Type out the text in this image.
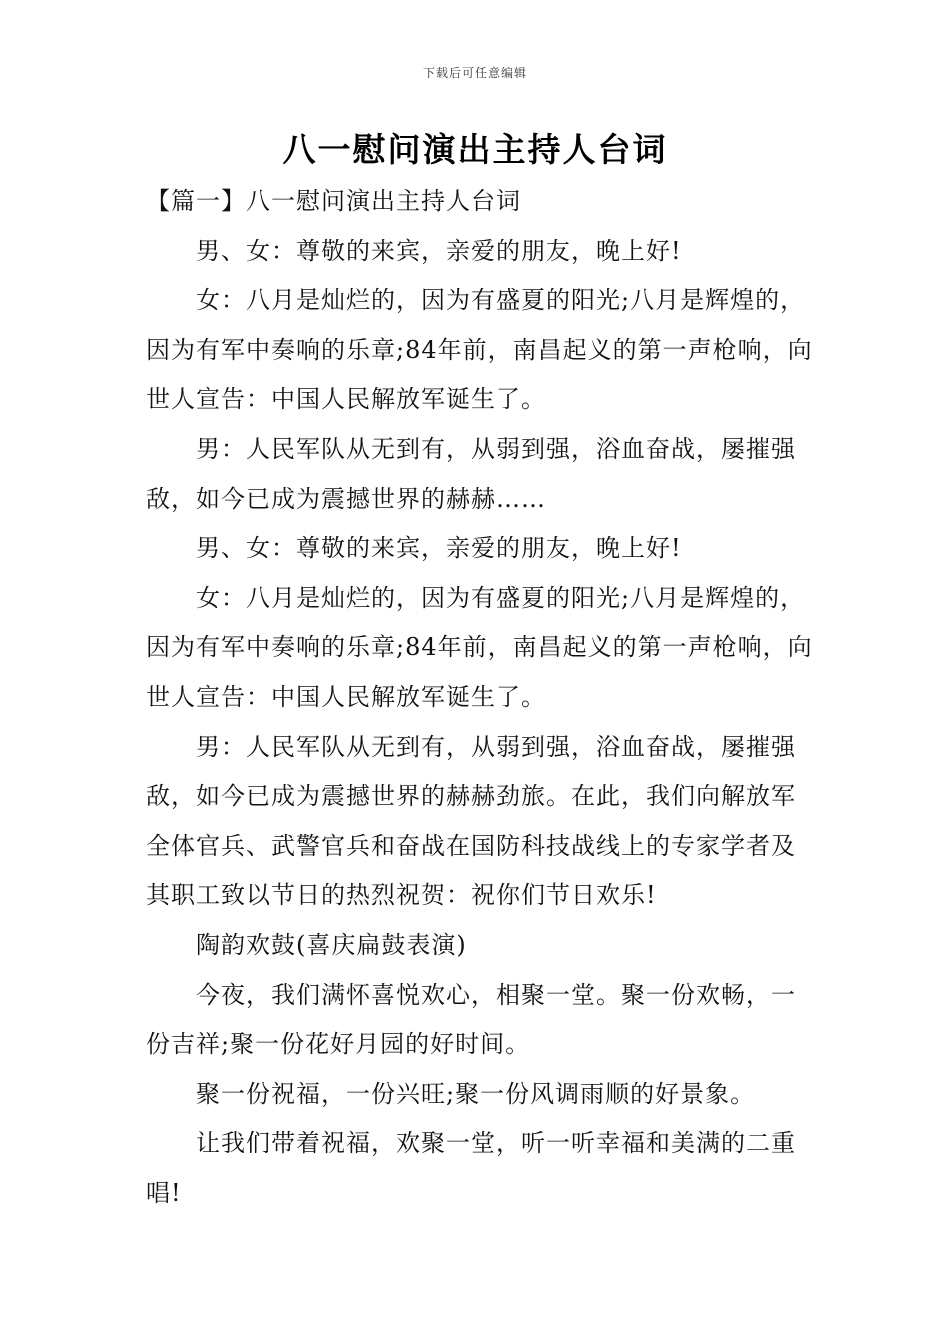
下载后可任意编辑
八一慰问演出主持人台词

【篇一】八一慰问演出主持人台词

男、女：尊敬的来宾，亲爱的朋友，晚上好!

女：八月是灿烂的，因为有盛夏的阳光;八月是辉煌的，因为有军中奏响的乐章;84年前，南昌起义的第一声枪响，向世人宣告：中国人民解放军诞生了。

男：人民军队从无到有，从弱到强，浴血奋战，屡摧强敌，如今已成为震撼世界的赫赫……

男、女：尊敬的来宾，亲爱的朋友，晚上好!

女：八月是灿烂的，因为有盛夏的阳光;八月是辉煌的，因为有军中奏响的乐章;84年前，南昌起义的第一声枪响，向世人宣告：中国人民解放军诞生了。

男：人民军队从无到有，从弱到强，浴血奋战，屡摧强敌，如今已成为震撼世界的赫赫劲旅。在此，我们向解放军全体官兵、武警官兵和奋战在国防科技战线上的专家学者及其职工致以节日的热烈祝贺：祝你们节日欢乐!

陶韵欢鼓(喜庆扁鼓表演)

今夜，我们满怀喜悦欢心，相聚一堂。聚一份欢畅，一份吉祥;聚一份花好月园的好时间。

聚一份祝福，一份兴旺;聚一份风调雨顺的好景象。

让我们带着祝福，欢聚一堂，听一听幸福和美满的二重唱!
